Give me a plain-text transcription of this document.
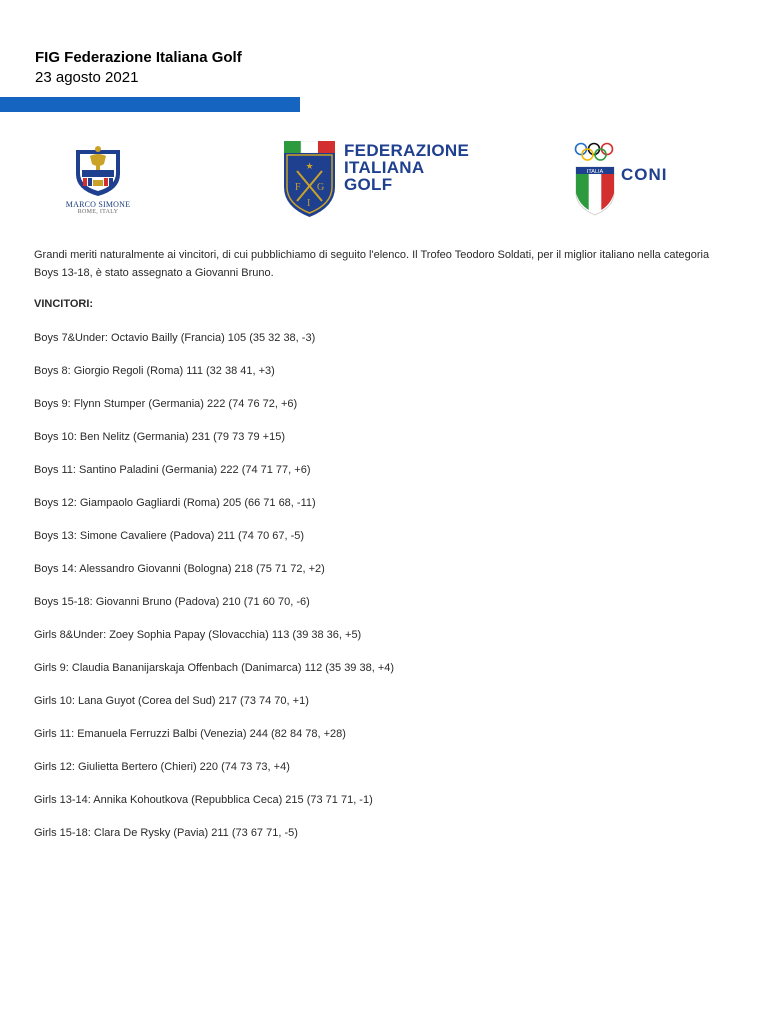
FIG Federazione Italiana Golf
23 agosto 2021
MARCO SIMONE
ROME, ITALY
★
F G
I
FEDERAZIONE
ITALIANA
GOLF
ITALIA CONI

Grandi meriti naturalmente ai vincitori, di cui pubblichiamo di seguito l'elenco. Il Trofeo Teodoro Soldati, per il miglior italiano nella categoria Boys 13-18, è stato assegnato a Giovanni Bruno.

VINCITORI:
Boys 7&Under: Octavio Bailly (Francia) 105 (35 32 38, -3)
Boys 8: Giorgio Regoli (Roma) 111 (32 38 41, +3)
Boys 9: Flynn Stumper (Germania) 222 (74 76 72, +6)
Boys 10: Ben Nelitz (Germania) 231 (79 73 79 +15)
Boys 11: Santino Paladini (Germania) 222 (74 71 77, +6)
Boys 12: Giampaolo Gagliardi (Roma) 205 (66 71 68, -11)
Boys 13: Simone Cavaliere (Padova) 211 (74 70 67, -5)
Boys 14: Alessandro Giovanni (Bologna) 218 (75 71 72, +2)
Boys 15-18: Giovanni Bruno (Padova) 210 (71 60 70, -6)
Girls 8&Under: Zoey Sophia Papay (Slovacchia) 113 (39 38 36, +5)
Girls 9: Claudia Bananijarskaja Offenbach (Danimarca) 112 (35 39 38, +4)
Girls 10: Lana Guyot (Corea del Sud) 217 (73 74 70, +1)
Girls 11: Emanuela Ferruzzi Balbi (Venezia) 244 (82 84 78, +28)
Girls 12: Giulietta Bertero (Chieri) 220 (74 73 73, +4)
Girls 13-14: Annika Kohoutkova (Repubblica Ceca) 215 (73 71 71, -1)
Girls 15-18: Clara De Rysky (Pavia) 211 (73 67 71, -5)
